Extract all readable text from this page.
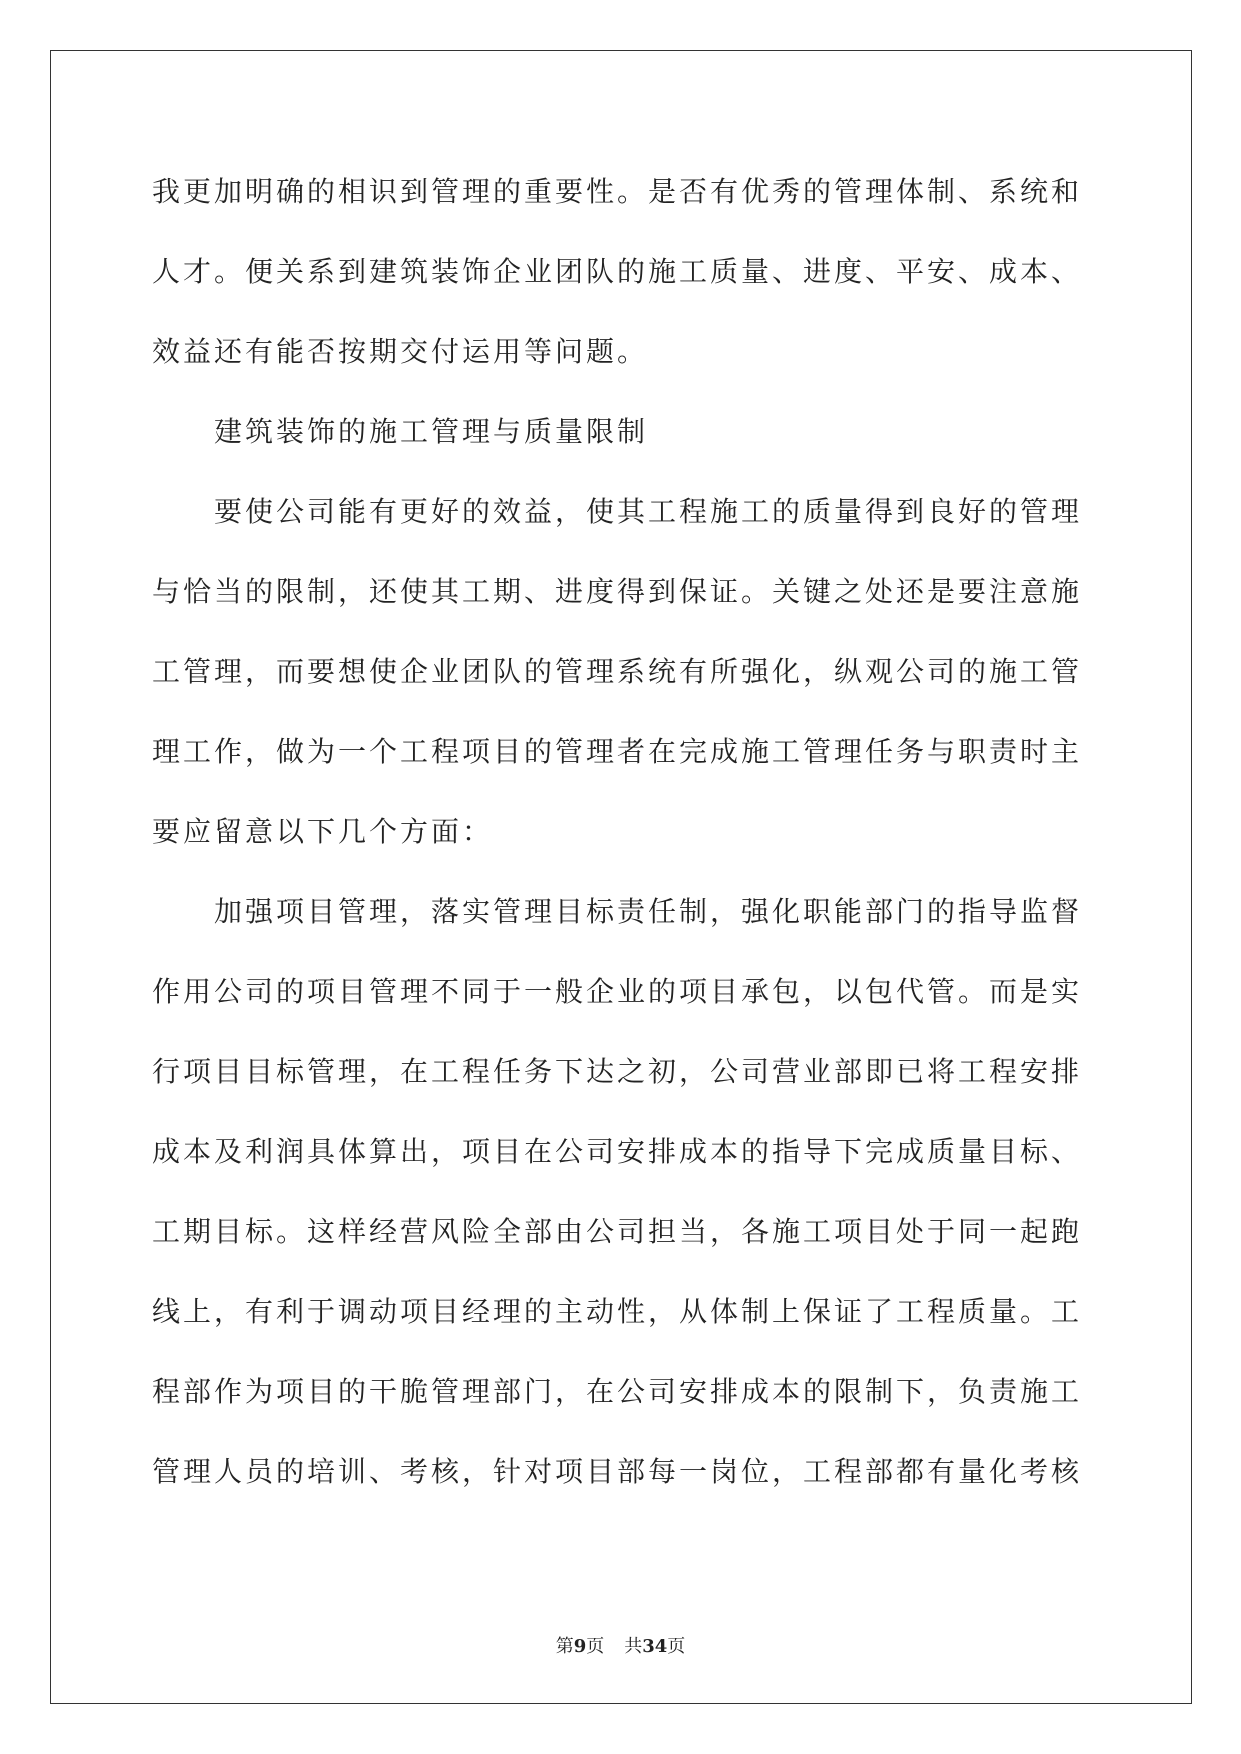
我更加明确的相识到管理的重要性。是否有优秀的管理体制、系统和
人才。便关系到建筑装饰企业团队的施工质量、进度、平安、成本、
效益还有能否按期交付运用等问题。
建筑装饰的施工管理与质量限制
要使公司能有更好的效益，使其工程施工的质量得到良好的管理
与恰当的限制，还使其工期、进度得到保证。关键之处还是要注意施
工管理，而要想使企业团队的管理系统有所强化，纵观公司的施工管
理工作，做为一个工程项目的管理者在完成施工管理任务与职责时主
要应留意以下几个方面：
加强项目管理，落实管理目标责任制，强化职能部门的指导监督
作用公司的项目管理不同于一般企业的项目承包，以包代管。而是实
行项目目标管理，在工程任务下达之初，公司营业部即已将工程安排
成本及利润具体算出，项目在公司安排成本的指导下完成质量目标、
工期目标。这样经营风险全部由公司担当，各施工项目处于同一起跑
线上，有利于调动项目经理的主动性，从体制上保证了工程质量。工
程部作为项目的干脆管理部门，在公司安排成本的限制下，负责施工
管理人员的培训、考核，针对项目部每一岗位，工程部都有量化考核
第9页 共34页
